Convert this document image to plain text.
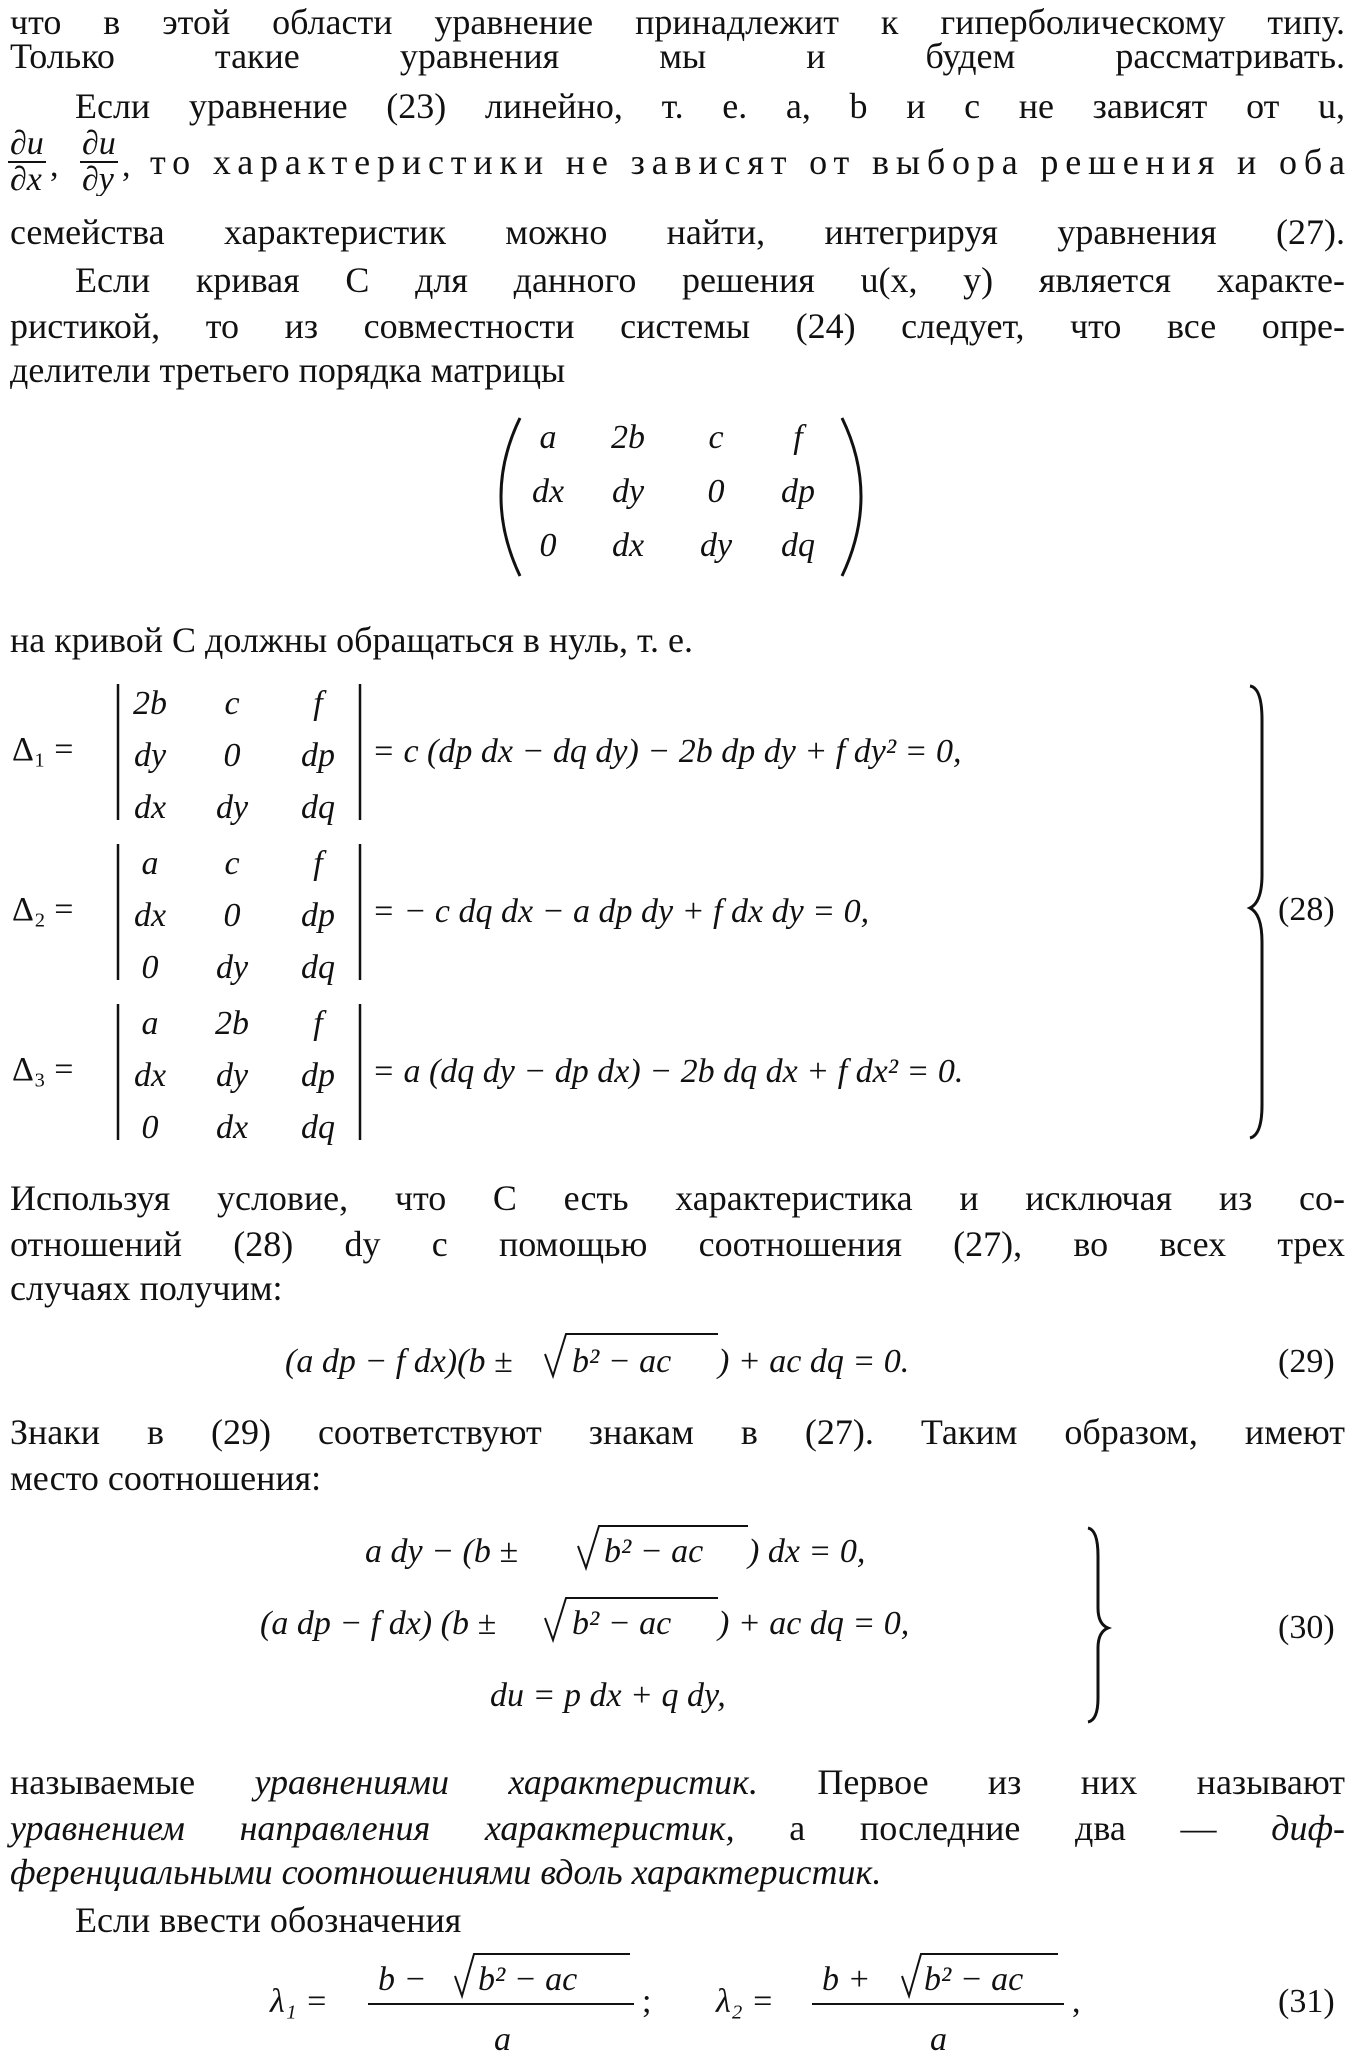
что в этой области уравнение принадлежит к гиперболическому типу.
Только такие уравнения мы и будем рассматривать.
Если уравнение (23) линейно, т. е. a, b и c не зависят от u,
∂u
∂x ,
∂u
∂y , то характеристики не зависят от выбора решения и оба
семейства характеристик можно найти, интегрируя уравнения (27).
Если кривая C для данного решения u(x, y) является характе-
ристикой, то из совместности системы (24) следует, что все опре-
делители третьего порядка матрицы
a 2b c f
dx dy 0 dp
0 dx dy dq
на кривой C должны обращаться в нуль, т. е.
Δ₁ =
2b c f
dy 0 dp
dx dy dq
= c (dp dx − dq dy) − 2b dp dy + f dy² = 0,
Δ₂ =
a c f
dx 0 dp
0 dy dq
= − c dq dx − a dp dy + f dx dy = 0,
Δ₃ =
a 2b f
dx dy dp
0 dx dq
= a (dq dy − dp dx) − 2b dq dx + f dx² = 0.
(28)
Используя условие, что C есть характеристика и исключая из со-
отношений (28) dy с помощью соотношения (27), во всех трех
случаях получим:
(a dp − f dx)(b ± b² − ac ) + ac dq = 0.	(29)
Знаки в (29) соответствуют знакам в (27). Таким образом, имеют
место соотношения:
a dy − (b ±	b² − ac ) dx = 0,
(a dp − f dx) (b ± b² − ac ) + ac dq = 0,
du = p dx + q dy,
(30)
называемые уравнениями характеристик. Первое из них называют
уравнением направления характеристик, а последние два — диф-
ференциальными соотношениями вдоль характеристик.
Если ввести обозначения
λ₁ =
b − b² − ac
a
; λ₂ =
b + b² − ac
a
,	(31)
